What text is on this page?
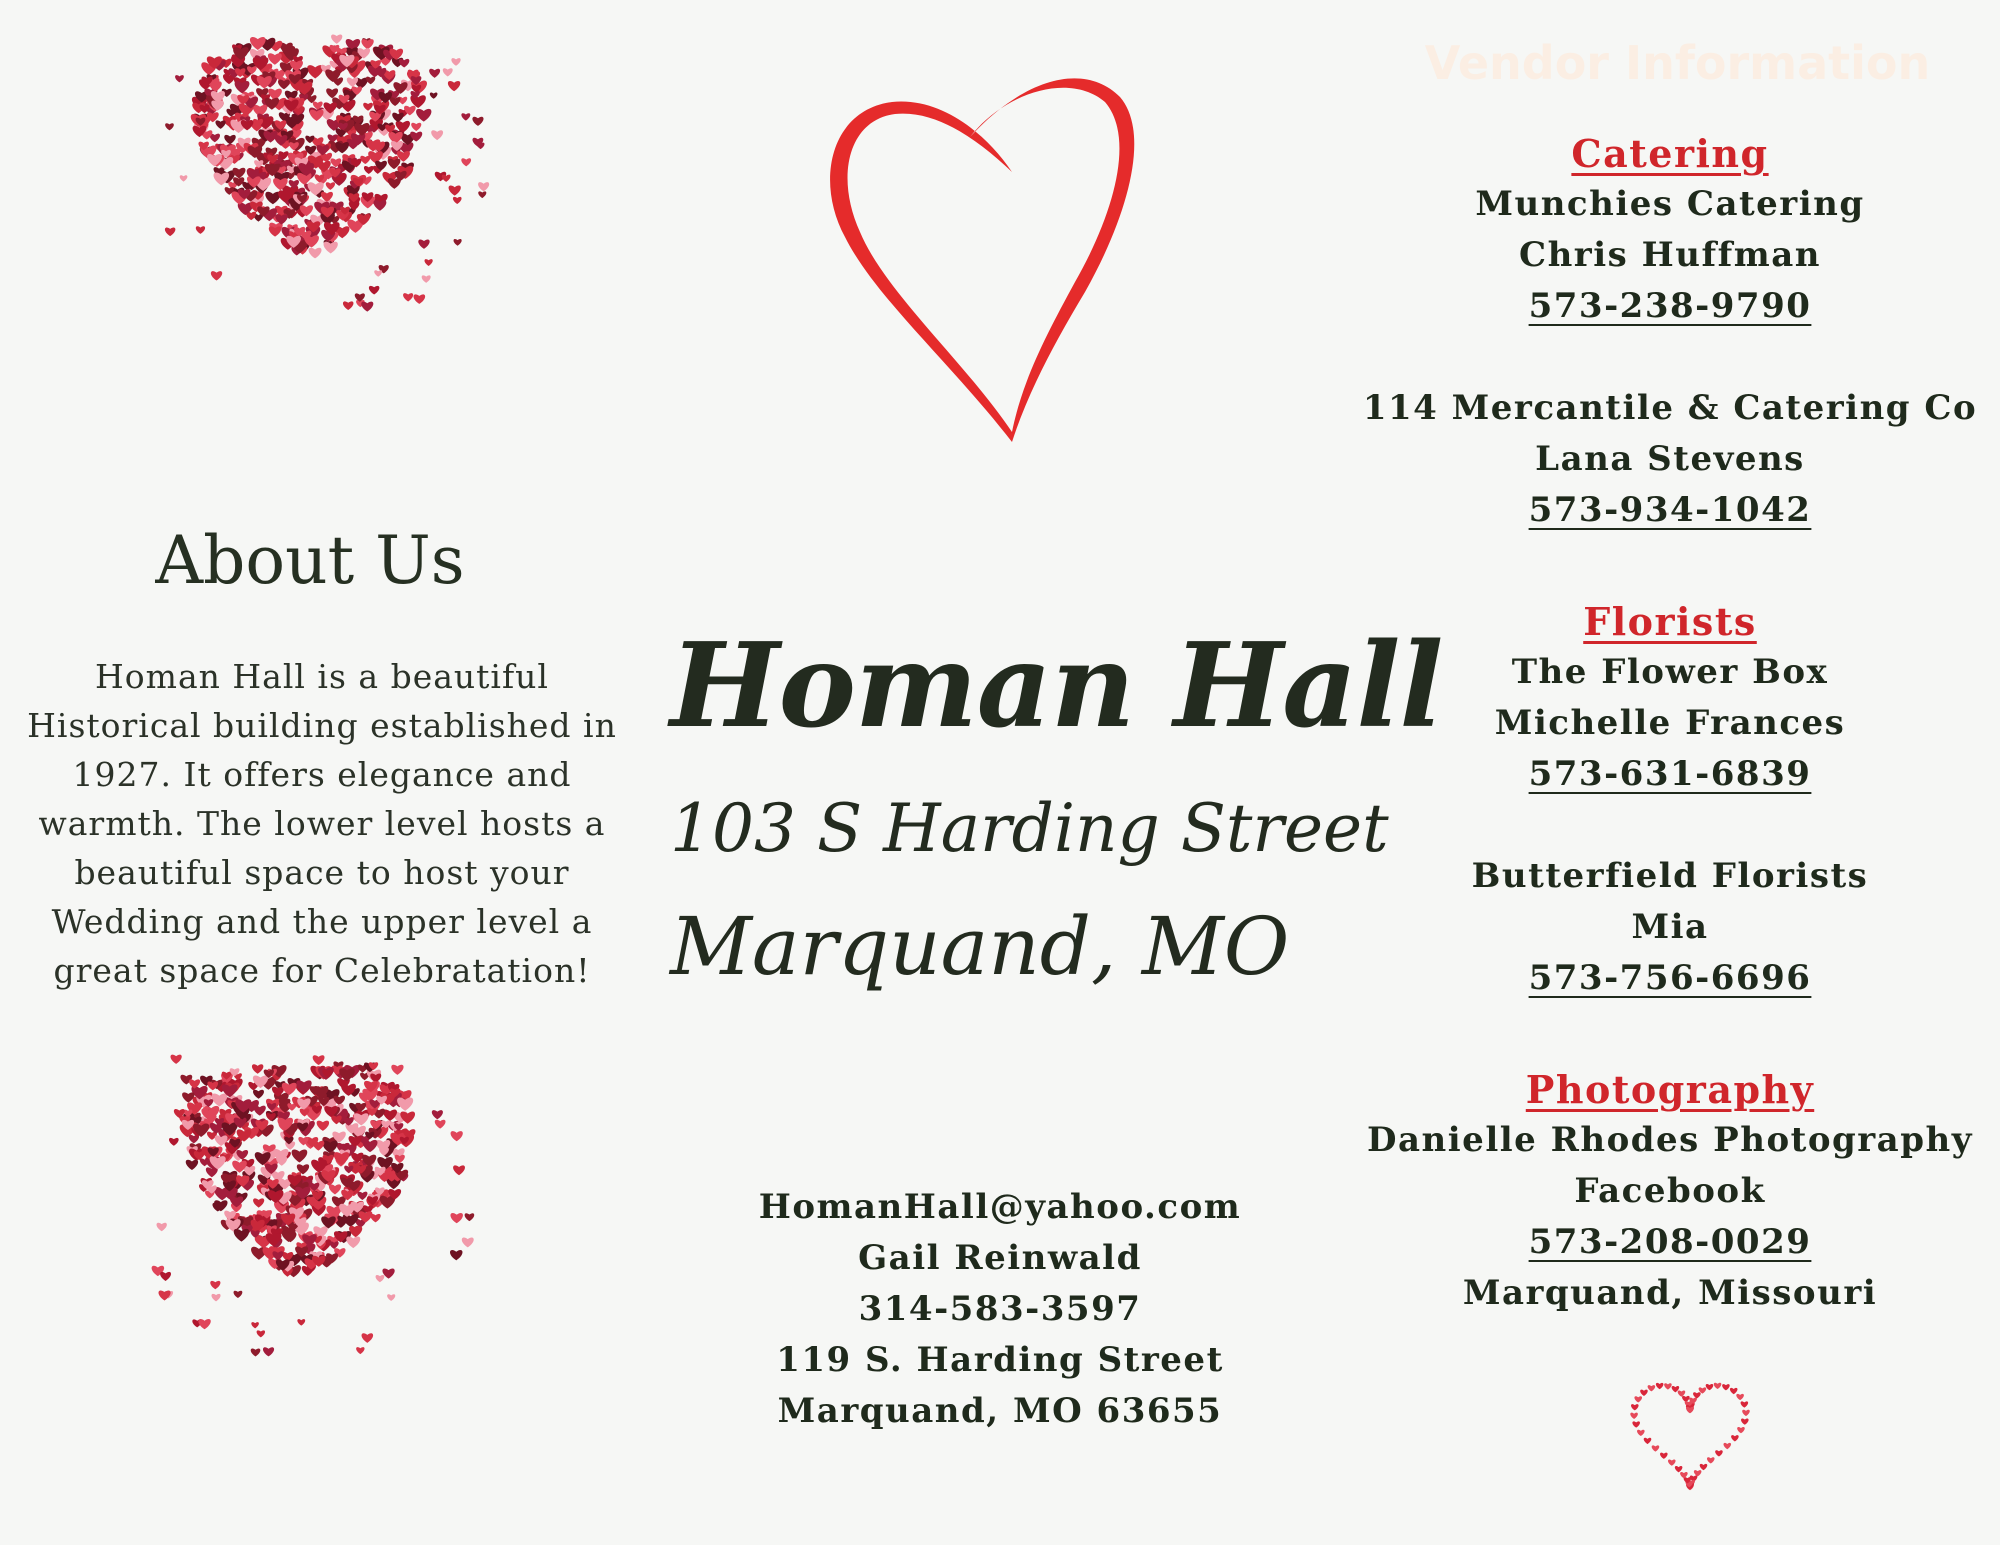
About Us

Homan Hall is a beautiful
Historical building established in
1927. It offers elegance and
warmth. The lower level hosts a
beautiful space to host your
Wedding and the upper level a
great space for Celebratation!

Homan Hall
103 S Harding Street
Marquand, MO
HomanHall@yahoo.com
Gail Reinwald
314-583-3597
119 S. Harding Street
Marquand, MO 63655
Vendor Information
Catering
Munchies Catering
Chris Huffman
573-238-9790
114 Mercantile & Catering Co
Lana Stevens
573-934-1042
Florists
The Flower Box
Michelle Frances
573-631-6839
Butterfield Florists
Mia
573-756-6696
Photography
Danielle Rhodes Photography
Facebook
573-208-0029
Marquand, Missouri
